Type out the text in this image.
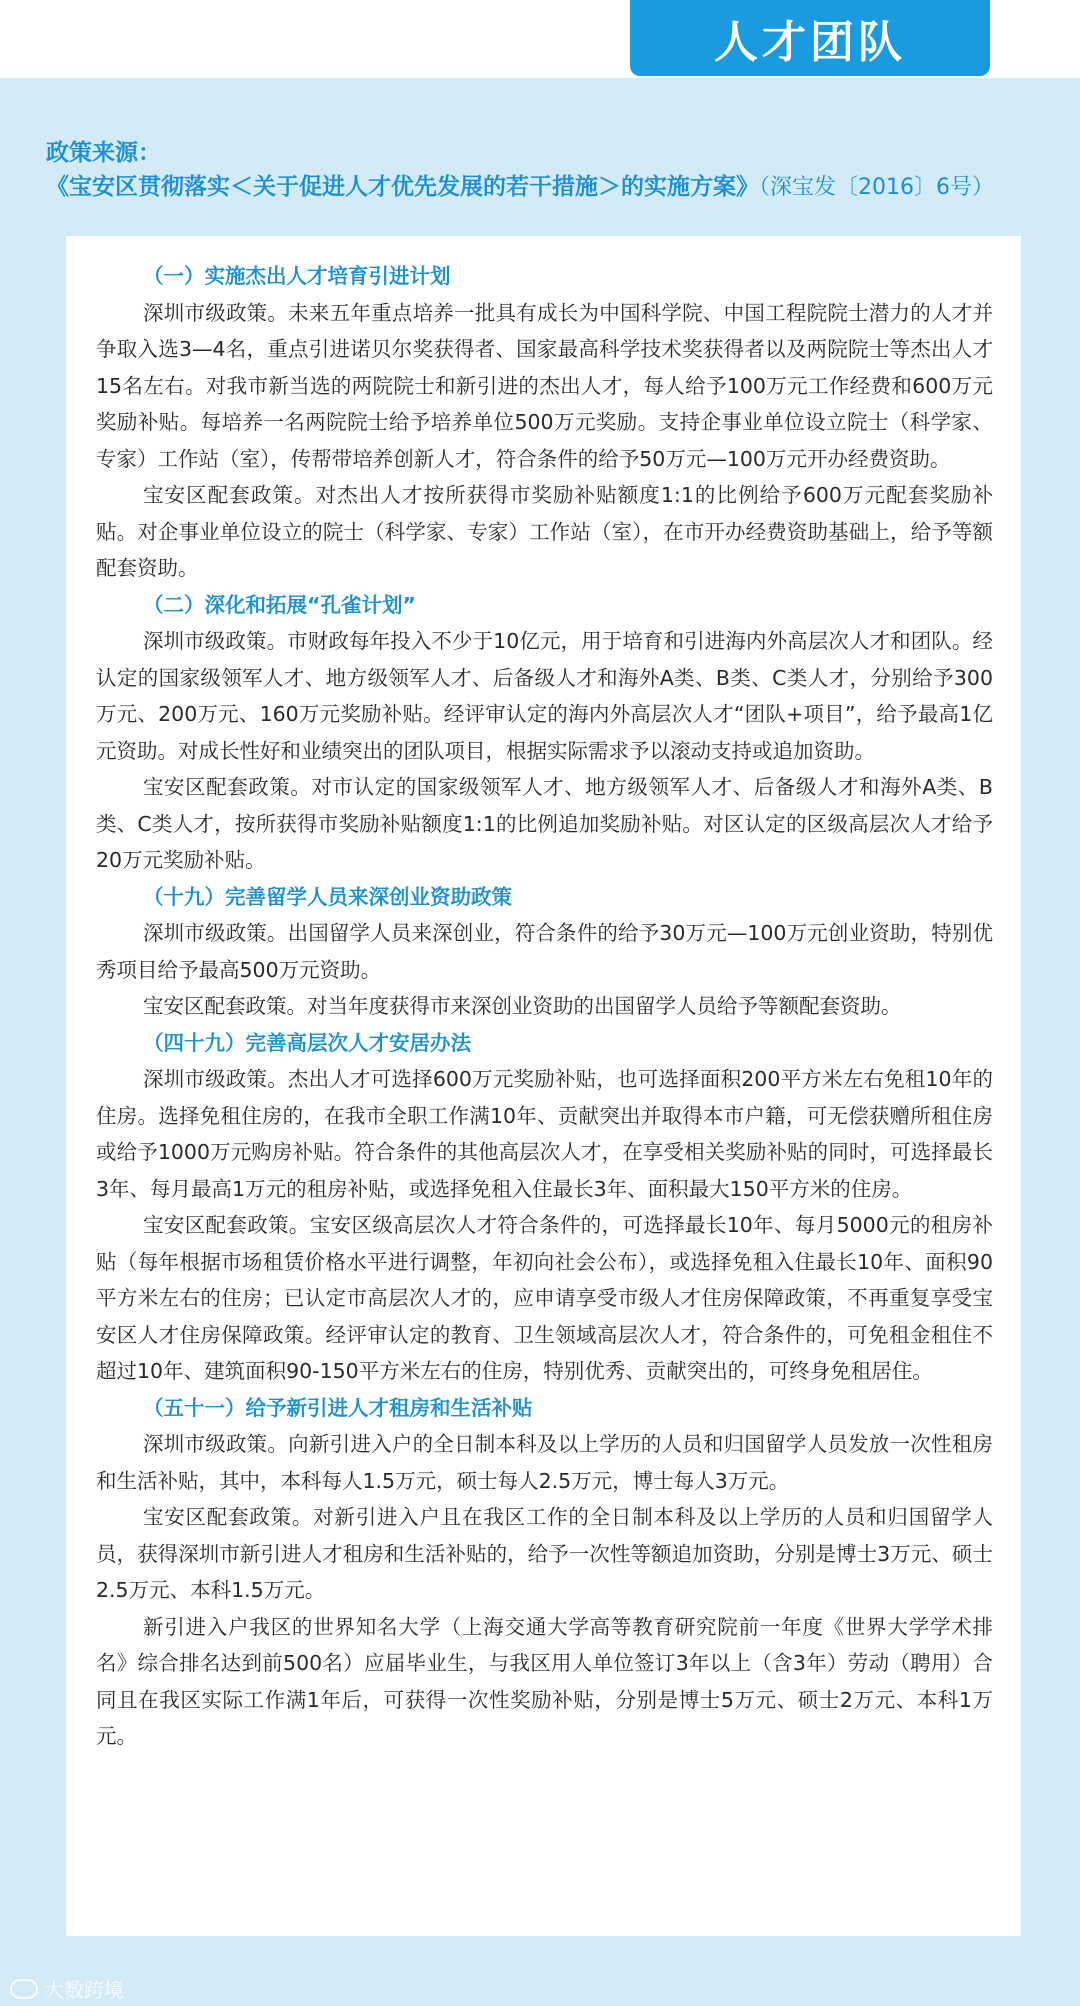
人才团队
政策来源：
《宝安区贯彻落实＜关于促进人才优先发展的若干措施＞的实施方案》（深宝发〔2016〕6号）
（一）实施杰出人才培育引进计划

深圳市级政策。未来五年重点培养一批具有成长为中国科学院、中国工程院院士潜力的人才并争取入选3—4名，重点引进诺贝尔奖获得者、国家最高科学技术奖获得者以及两院院士等杰出人才15名左右。对我市新当选的两院院士和新引进的杰出人才，每人给予100万元工作经费和600万元奖励补贴。每培养一名两院院士给予培养单位500万元奖励。支持企事业单位设立院士（科学家、专家）工作站（室），传帮带培养创新人才，符合条件的给予50万元—100万元开办经费资助。

宝安区配套政策。对杰出人才按所获得市奖励补贴额度1:1的比例给予600万元配套奖励补贴。对企事业单位设立的院士（科学家、专家）工作站（室），在市开办经费资助基础上，给予等额配套资助。

（二）深化和拓展“孔雀计划”

深圳市级政策。市财政每年投入不少于10亿元，用于培育和引进海内外高层次人才和团队。经认定的国家级领军人才、地方级领军人才、后备级人才和海外A类、B类、C类人才，分别给予300万元、200万元、160万元奖励补贴。经评审认定的海内外高层次人才“团队+项目”，给予最高1亿元资助。对成长性好和业绩突出的团队项目，根据实际需求予以滚动支持或追加资助。

宝安区配套政策。对市认定的国家级领军人才、地方级领军人才、后备级人才和海外A类、B类、C类人才，按所获得市奖励补贴额度1:1的比例追加奖励补贴。对区认定的区级高层次人才给予20万元奖励补贴。

（十九）完善留学人员来深创业资助政策

深圳市级政策。出国留学人员来深创业，符合条件的给予30万元—100万元创业资助，特别优秀项目给予最高500万元资助。

宝安区配套政策。对当年度获得市来深创业资助的出国留学人员给予等额配套资助。

（四十九）完善高层次人才安居办法

深圳市级政策。杰出人才可选择600万元奖励补贴，也可选择面积200平方米左右免租10年的住房。选择免租住房的，在我市全职工作满10年、贡献突出并取得本市户籍，可无偿获赠所租住房或给予1000万元购房补贴。符合条件的其他高层次人才，在享受相关奖励补贴的同时，可选择最长3年、每月最高1万元的租房补贴，或选择免租入住最长3年、面积最大150平方米的住房。

宝安区配套政策。宝安区级高层次人才符合条件的，可选择最长10年、每月5000元的租房补贴（每年根据市场租赁价格水平进行调整，年初向社会公布），或选择免租入住最长10年、面积90平方米左右的住房；已认定市高层次人才的，应申请享受市级人才住房保障政策，不再重复享受宝安区人才住房保障政策。经评审认定的教育、卫生领域高层次人才，符合条件的，可免租金租住不超过10年、建筑面积90-150平方米左右的住房，特别优秀、贡献突出的，可终身免租居住。

（五十一）给予新引进人才租房和生活补贴

深圳市级政策。向新引进入户的全日制本科及以上学历的人员和归国留学人员发放一次性租房和生活补贴，其中，本科每人1.5万元，硕士每人2.5万元，博士每人3万元。

宝安区配套政策。对新引进入户且在我区工作的全日制本科及以上学历的人员和归国留学人员，获得深圳市新引进人才租房和生活补贴的，给予一次性等额追加资助，分别是博士3万元、硕士2.5万元、本科1.5万元。

新引进入户我区的世界知名大学（上海交通大学高等教育研究院前一年度《世界大学学术排名》综合排名达到前500名）应届毕业生，与我区用人单位签订3年以上（含3年）劳动（聘用）合同且在我区实际工作满1年后，可获得一次性奖励补贴，分别是博士5万元、硕士2万元、本科1万元。

大数跨境
